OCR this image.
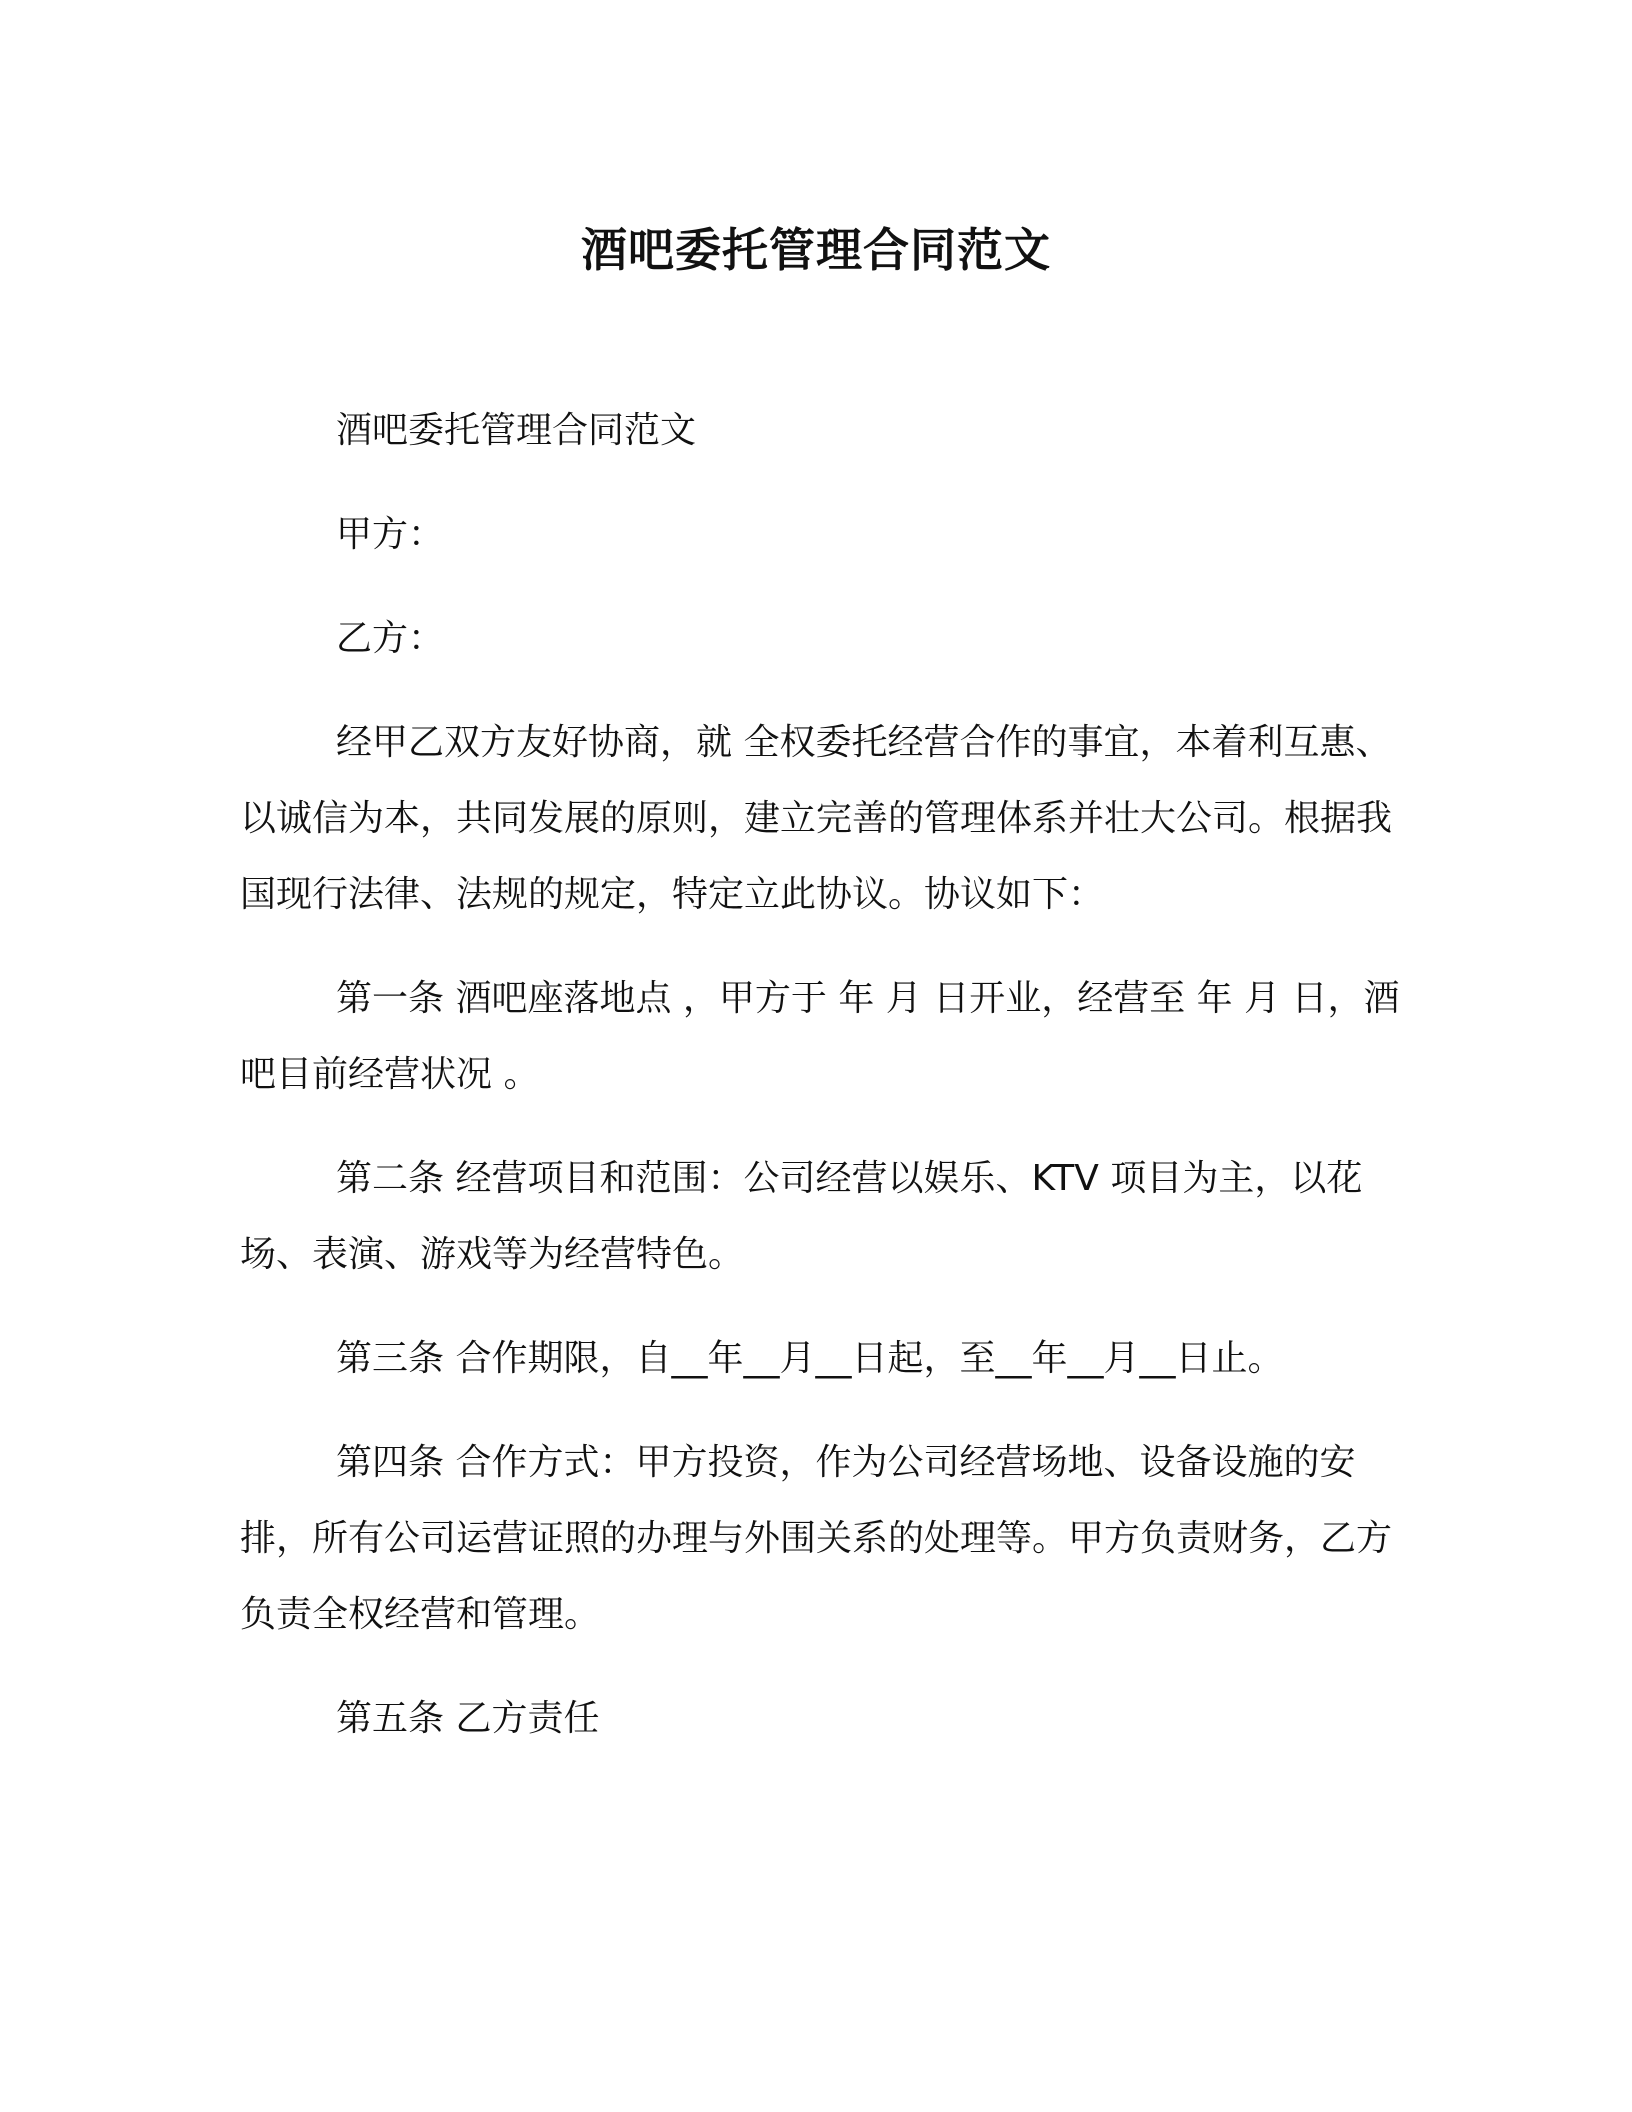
酒吧委托管理合同范文

酒吧委托管理合同范文

甲方：

乙方：

经甲乙双方友好协商，就 全权委托经营合作的事宜，本着利互惠、以诚信为本，共同发展的原则，建立完善的管理体系并壮大公司。根据我国现行法律、法规的规定，特定立此协议。协议如下：

第一条 酒吧座落地点 ，甲方于 年 月 日开业，经营至 年 月 日，酒吧目前经营状况 。

第二条 经营项目和范围：公司经营以娱乐、KTV 项目为主，以花场、表演、游戏等为经营特色。

第三条 合作期限，自__年__月__日起，至__年__月__日止。

第四条 合作方式：甲方投资，作为公司经营场地、设备设施的安排，所有公司运营证照的办理与外围关系的处理等。甲方负责财务，乙方负责全权经营和管理。

第五条 乙方责任
